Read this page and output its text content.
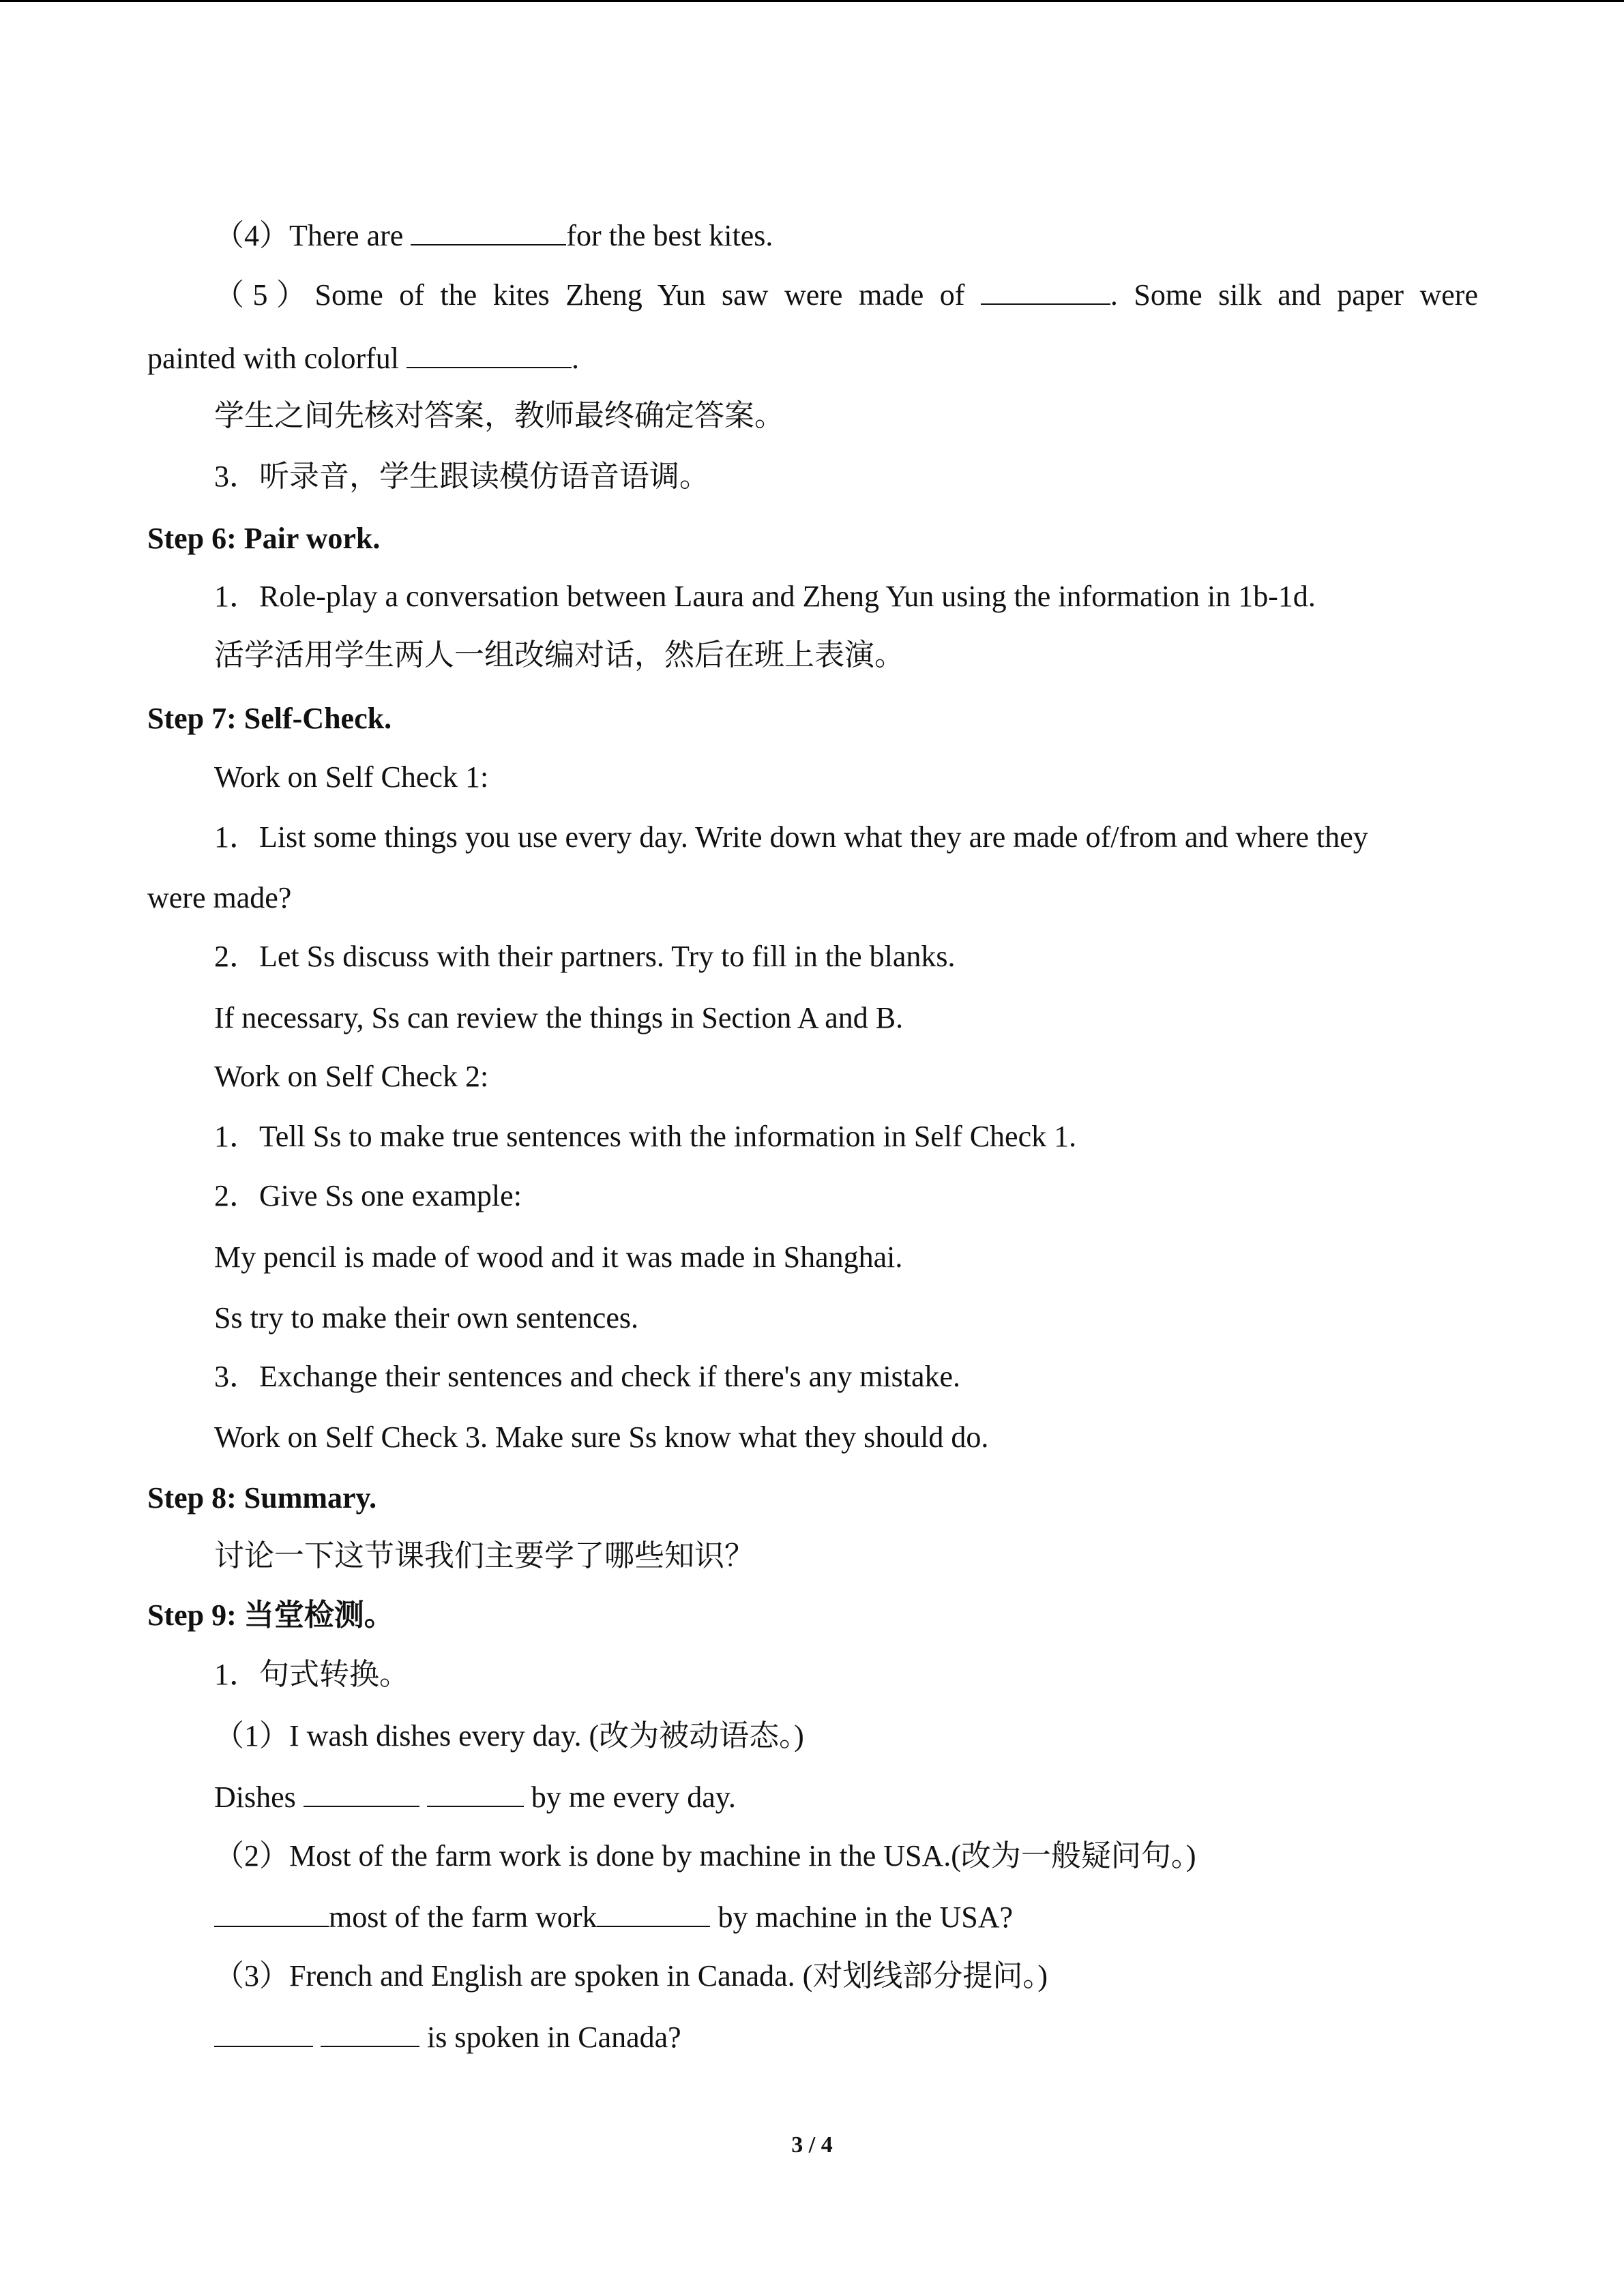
（4）There are	for the best kites.
（5）Some of the kites Zheng Yun saw were made of	. Some silk and paper were
painted with colorful	.
学生之间先核对答案，教师最终确定答案。
3．听录音，学生跟读模仿语音语调。
Step 6: Pair work.
1．Role-play a conversation between Laura and Zheng Yun using the information in 1b-1d.
活学活用学生两人一组改编对话，然后在班上表演。
Step 7: Self-Check.
Work on Self Check 1:
1．List some things you use every day. Write down what they are made of/from and where they
were made?
2．Let Ss discuss with their partners. Try to fill in the blanks.
If necessary, Ss can review the things in Section A and B.
Work on Self Check 2:
1．Tell Ss to make true sentences with the information in Self Check 1.
2．Give Ss one example:
My pencil is made of wood and it was made in Shanghai.
Ss try to make their own sentences.
3．Exchange their sentences and check if there's any mistake.
Work on Self Check 3. Make sure Ss know what they should do.
Step 8: Summary.
讨论一下这节课我们主要学了哪些知识？
Step 9: 当堂检测。
1．句式转换。
（1）I wash dishes every day. (改为被动语态。)
Dishes	by me every day.
（2）Most of the farm work is done by machine in the USA.(改为一般疑问句。)
most of the farm work	by machine in the USA?
（3）French and English are spoken in Canada. (对划线部分提问。)
is spoken in Canada?
3 / 4
